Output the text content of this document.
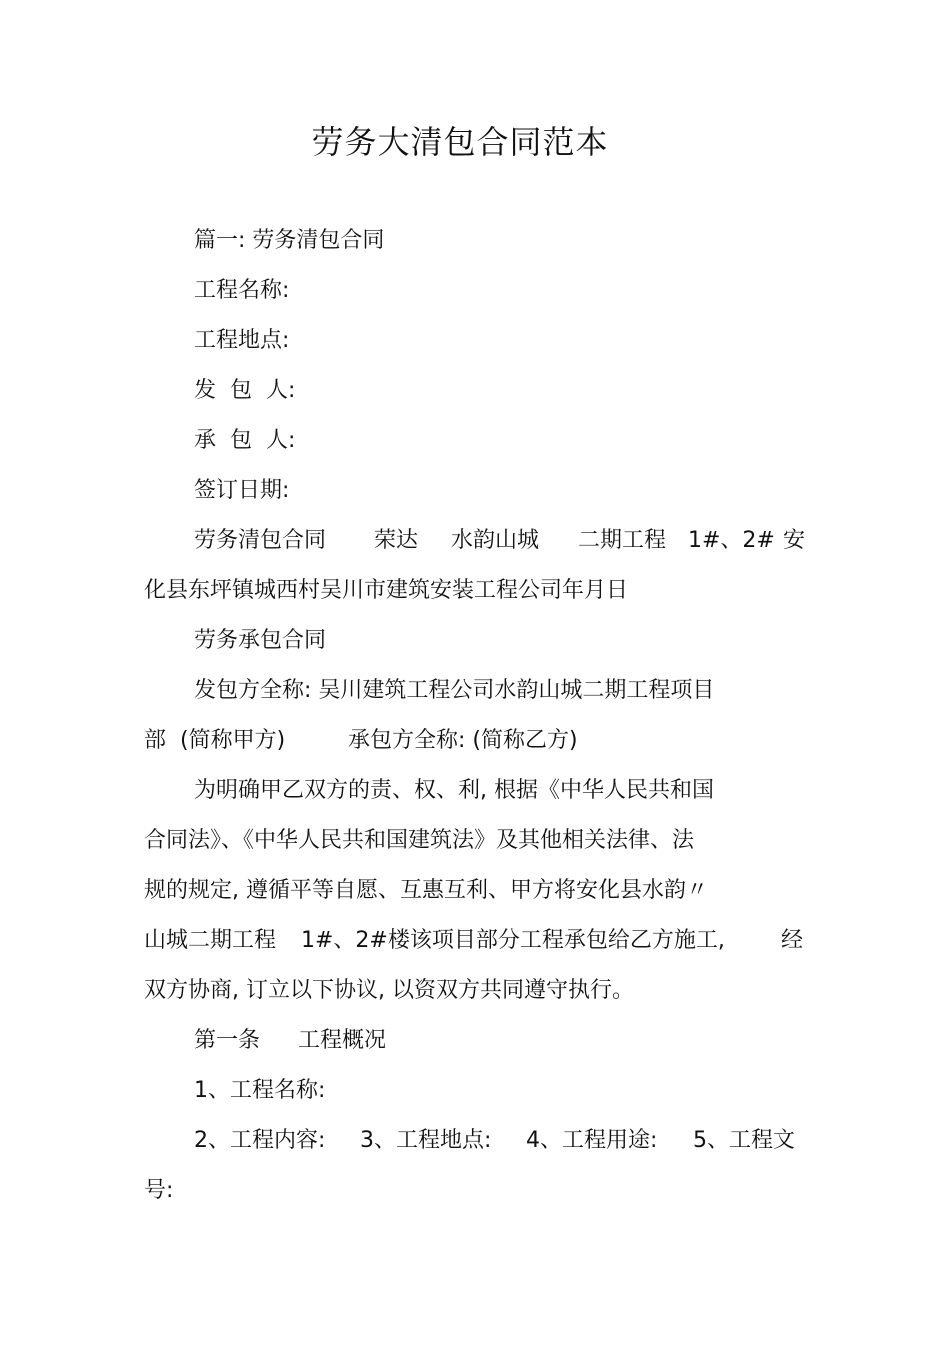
劳务大清包合同范本
篇一: 劳务清包合同
工程名称:
工程地点:
发  包  人:
承  包  人:
签订日期:
劳务清包合同 荣达 水韵山城 二期工程 1#、2# 安
化县东坪镇城西村吴川市建筑安装工程公司年月日
劳务承包合同
发包方全称: 吴川建筑工程公司水韵山城二期工程项目
部 (简称甲方)	承包方全称: (简称乙方)
为明确甲乙双方的责、权、利, 根据《中华人民共和国
合同法》、《中华人民共和国建筑法》及其他相关法律、法
规的规定, 遵循平等自愿、互惠互利、甲方将安化县水韵〃
山城二期工程 1#、2#楼该项目部分工程承包给乙方施工,	经
双方协商, 订立以下协议, 以资双方共同遵守执行。
第一条 工程概况
1、工程名称:
2、工程内容: 3、工程地点: 4、工程用途: 5、工程文
号:
